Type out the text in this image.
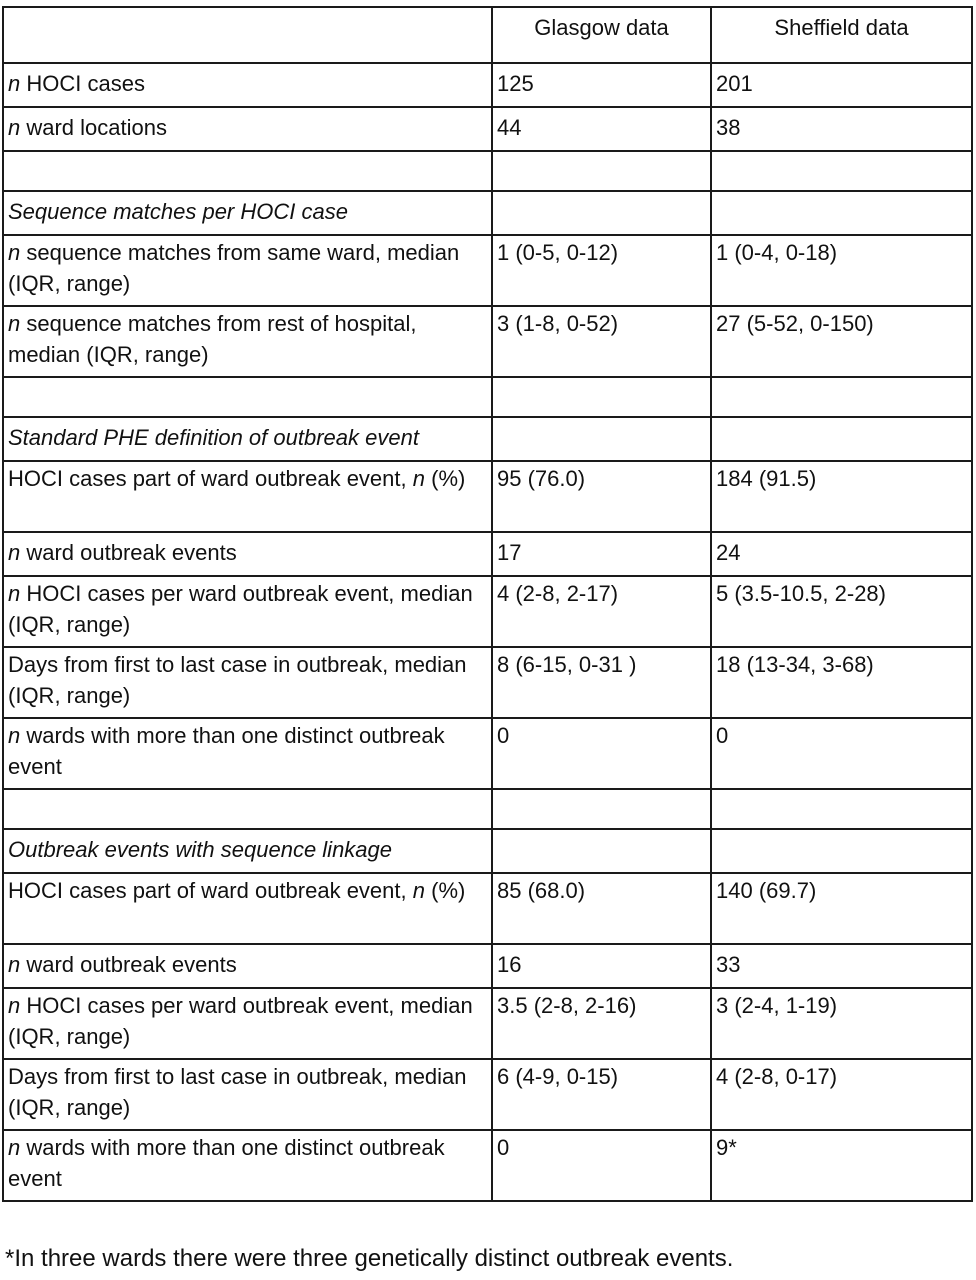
	Glasgow data	Sheffield data
n HOCI cases	125	201
n ward locations	44	38

Sequence matches per HOCI case		
n sequence matches from same ward, median (IQR, range)	1 (0-5, 0-12)	1 (0-4, 0-18)
n sequence matches from rest of hospital, median (IQR, range)	3 (1-8, 0-52)	27 (5-52, 0-150)

Standard PHE definition of outbreak event		
HOCI cases part of ward outbreak event, n (%)	95 (76.0)	184 (91.5)
n ward outbreak events	17	24
n HOCI cases per ward outbreak event, median (IQR, range)	4 (2-8, 2-17)	5 (3.5-10.5, 2-28)
Days from first to last case in outbreak, median (IQR, range)	8 (6-15, 0-31 )	18 (13-34, 3-68)
n wards with more than one distinct outbreak event	0	0

Outbreak events with sequence linkage		
HOCI cases part of ward outbreak event, n (%)	85 (68.0)	140 (69.7)
n ward outbreak events	16	33
n HOCI cases per ward outbreak event, median (IQR, range)	3.5 (2-8, 2-16)	3 (2-4, 1-19)
Days from first to last case in outbreak, median (IQR, range)	6 (4-9, 0-15)	4 (2-8, 0-17)
n wards with more than one distinct outbreak event	0	9*
*In three wards there were three genetically distinct outbreak events.
